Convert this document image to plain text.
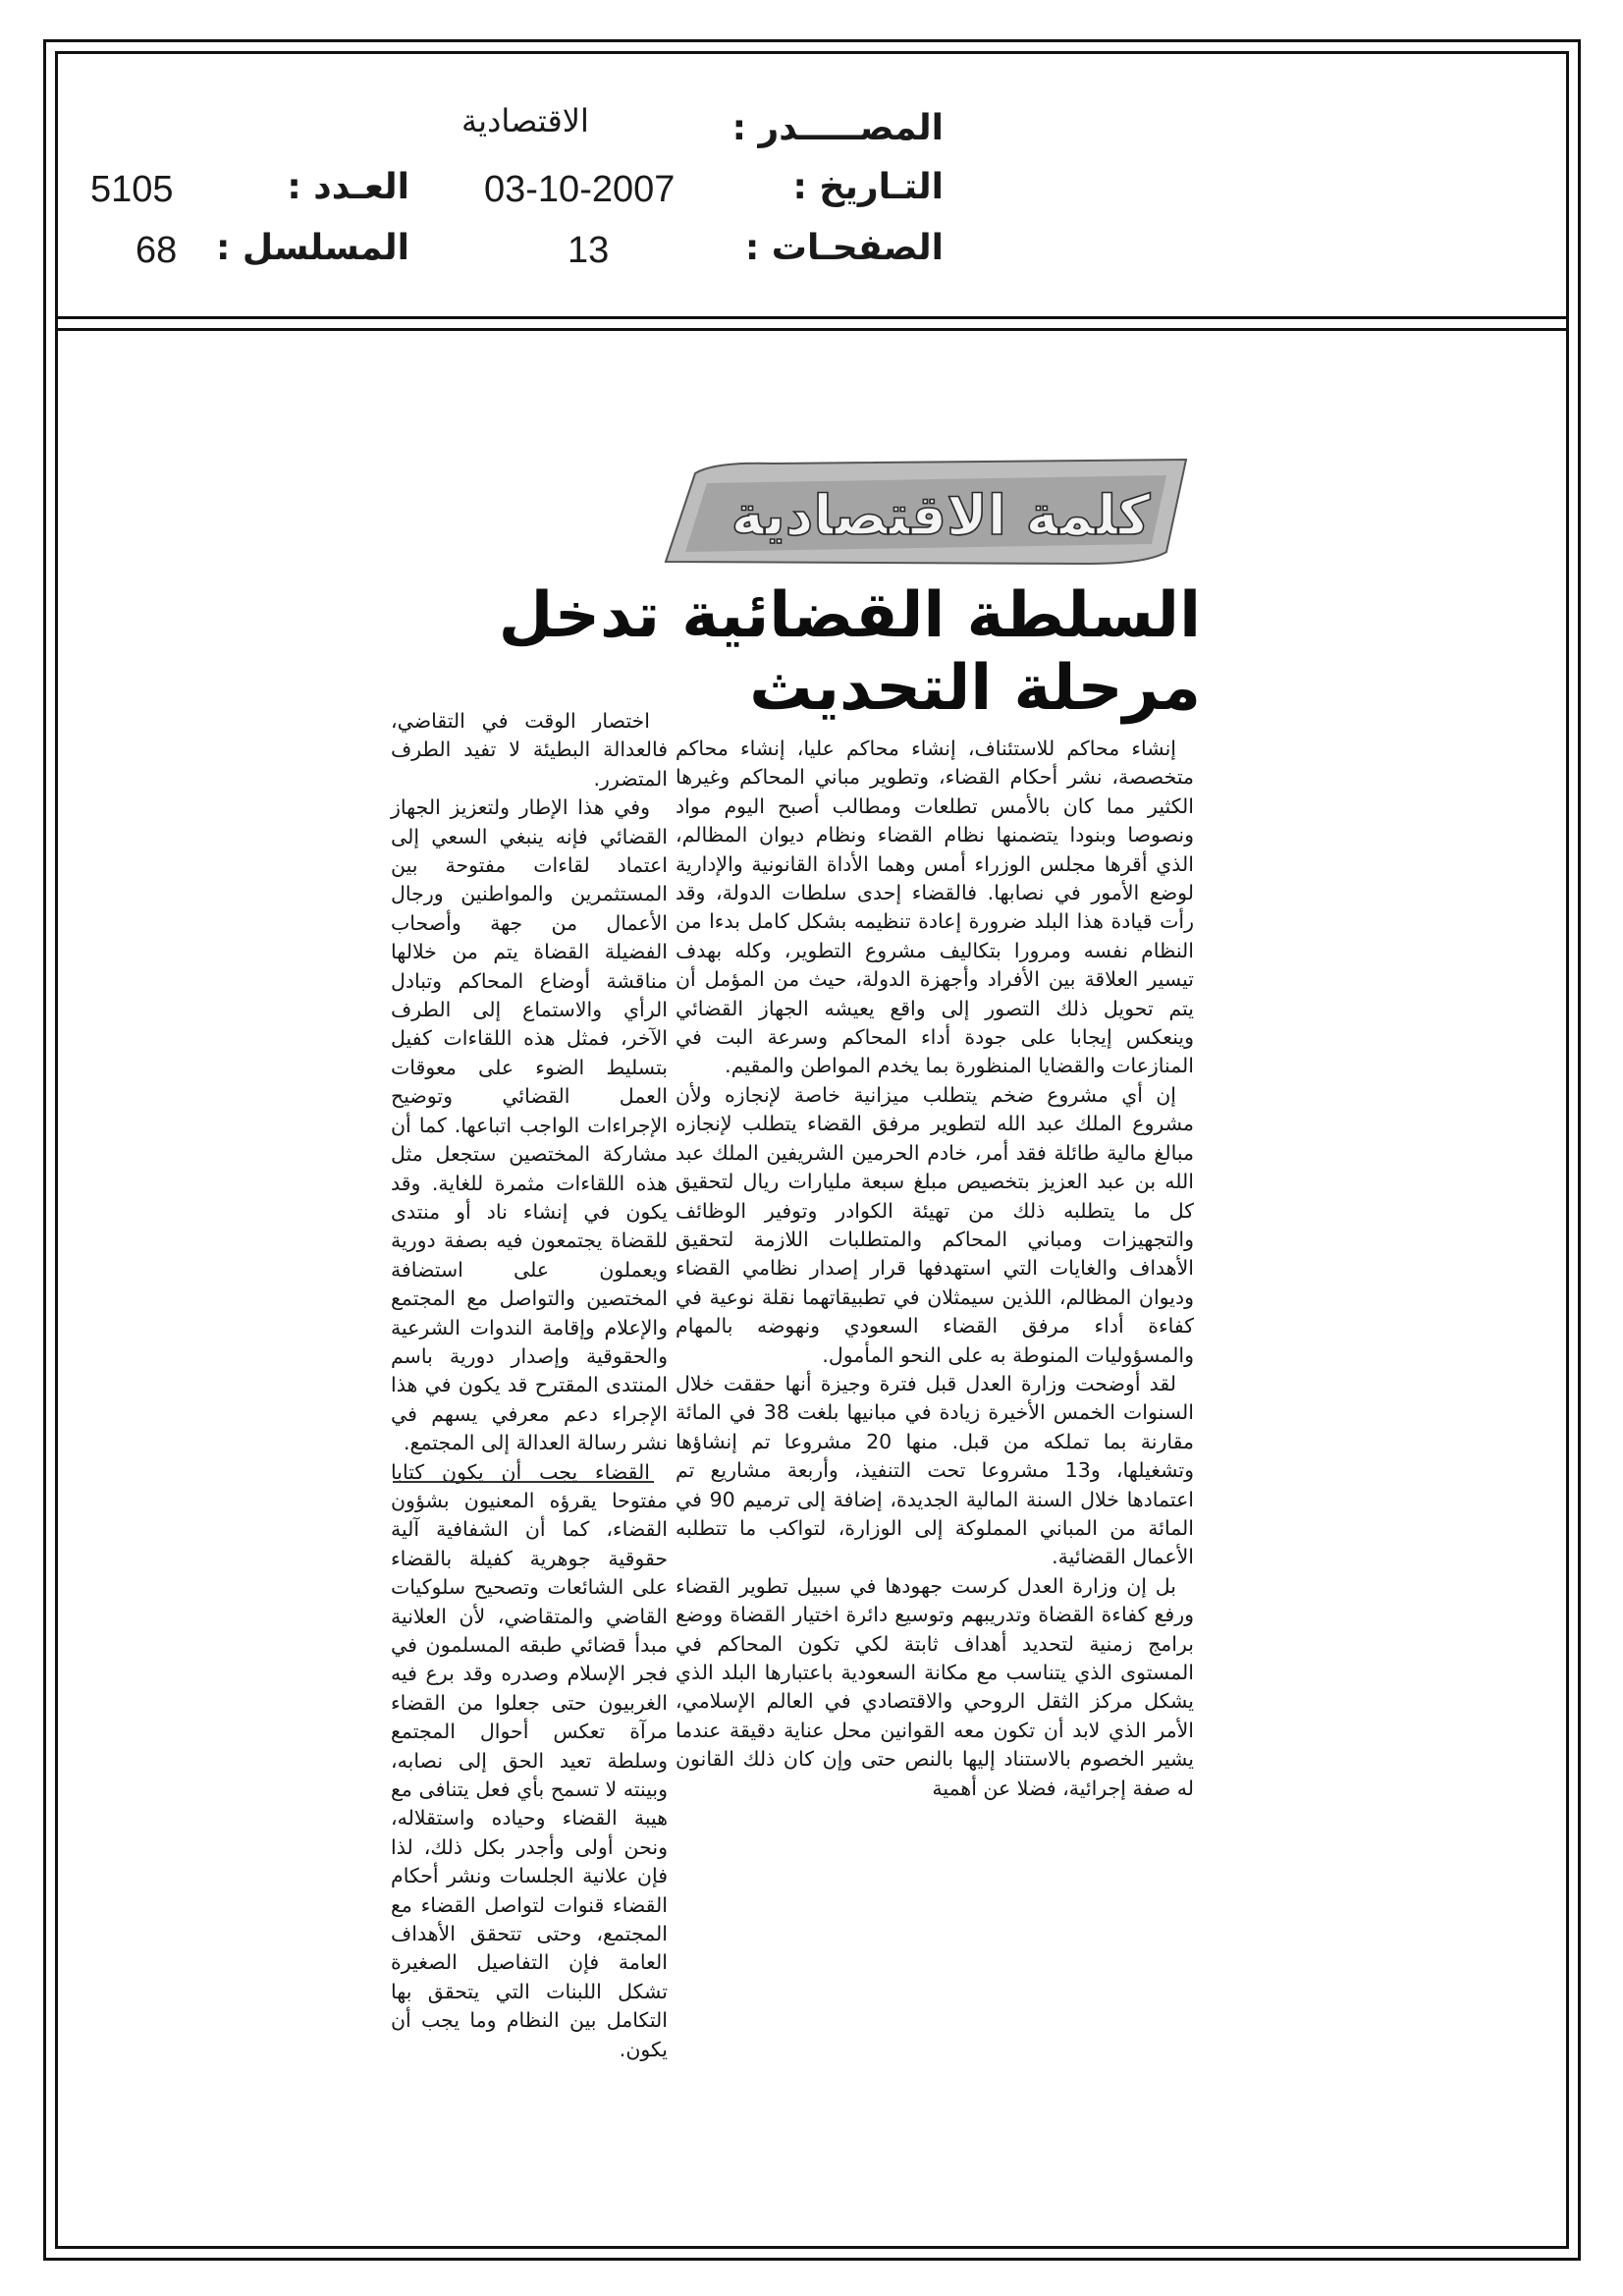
المصـــــدر :
الاقتصادية
التـاريخ :
03-10-2007
العـدد :
5105
الصفحـات :
13
المسلسل :
68
كلمة الاقتصادية
السلطة القضائية تدخل
مرحلة التحديث

إنشاء محاكم للاستئناف، إنشاء محاكم عليا، إنشاء محاكم متخصصة، نشر أحكام القضاء، وتطوير مباني المحاكم وغيرها الكثير مما كان بالأمس تطلعات ومطالب أصبح اليوم مواد ونصوصا وبنودا يتضمنها نظام القضاء ونظام ديوان المظالم، الذي أقرها مجلس الوزراء أمس وهما الأداة القانونية والإدارية لوضع الأمور في نصابها. فالقضاء إحدى سلطات الدولة، وقد رأت قيادة هذا البلد ضرورة إعادة تنظيمه بشكل كامل بدءا من النظام نفسه ومرورا بتكاليف مشروع التطوير، وكله بهدف تيسير العلاقة بين الأفراد وأجهزة الدولة، حيث من المؤمل أن يتم تحويل ذلك التصور إلى واقع يعيشه الجهاز القضائي وينعكس إيجابا على جودة أداء المحاكم وسرعة البت في المنازعات والقضايا المنظورة بما يخدم المواطن والمقيم.

إن أي مشروع ضخم يتطلب ميزانية خاصة لإنجازه ولأن مشروع الملك عبد الله لتطوير مرفق القضاء يتطلب لإنجازه مبالغ مالية طائلة فقد أمر، خادم الحرمين الشريفين الملك عبد الله بن عبد العزيز بتخصيص مبلغ سبعة مليارات ريال لتحقيق كل ما يتطلبه ذلك من تهيئة الكوادر وتوفير الوظائف والتجهيزات ومباني المحاكم والمتطلبات اللازمة لتحقيق الأهداف والغايات التي استهدفها قرار إصدار نظامي القضاء وديوان المظالم، اللذين سيمثلان في تطبيقاتهما نقلة نوعية في كفاءة أداء مرفق القضاء السعودي ونهوضه بالمهام والمسؤوليات المنوطة به على النحو المأمول.

لقد أوضحت وزارة العدل قبل فترة وجيزة أنها حققت خلال السنوات الخمس الأخيرة زيادة في مبانيها بلغت 38 في المائة مقارنة بما تملكه من قبل. منها 20 مشروعا تم إنشاؤها وتشغيلها، و13 مشروعا تحت التنفيذ، وأربعة مشاريع تم اعتمادها خلال السنة المالية الجديدة، إضافة إلى ترميم 90 في المائة من المباني المملوكة إلى الوزارة، لتواكب ما تتطلبه الأعمال القضائية.

بل إن وزارة العدل كرست جهودها في سبيل تطوير القضاء ورفع كفاءة القضاة وتدريبهم وتوسيع دائرة اختيار القضاة ووضع برامج زمنية لتحديد أهداف ثابتة لكي تكون المحاكم في المستوى الذي يتناسب مع مكانة السعودية باعتبارها البلد الذي يشكل مركز الثقل الروحي والاقتصادي في العالم الإسلامي، الأمر الذي لابد أن تكون معه القوانين محل عناية دقيقة عندما يشير الخصوم بالاستناد إليها بالنص حتى وإن كان ذلك القانون له صفة إجرائية، فضلا عن أهمية

اختصار الوقت في التقاضي، فالعدالة البطيئة لا تفيد الطرف المتضرر.

وفي هذا الإطار ولتعزيز الجهاز القضائي فإنه ينبغي السعي إلى اعتماد لقاءات مفتوحة بين المستثمرين والمواطنين ورجال الأعمال من جهة وأصحاب الفضيلة القضاة يتم من خلالها مناقشة أوضاع المحاكم وتبادل الرأي والاستماع إلى الطرف الآخر، فمثل هذه اللقاءات كفيل بتسليط الضوء على معوقات العمل القضائي وتوضيح الإجراءات الواجب اتباعها. كما أن مشاركة المختصين ستجعل مثل هذه اللقاءات مثمرة للغاية. وقد يكون في إنشاء ناد أو منتدى للقضاة يجتمعون فيه بصفة دورية ويعملون على استضافة المختصين والتواصل مع المجتمع والإعلام وإقامة الندوات الشرعية والحقوقية وإصدار دورية باسم المنتدى المقترح قد يكون في هذا الإجراء دعم معرفي يسهم في نشر رسالة العدالة إلى المجتمع.

القضاء يجب أن يكون كتابا مفتوحا يقرؤه المعنيون بشؤون القضاء، كما أن الشفافية آلية حقوقية جوهرية كفيلة بالقضاء على الشائعات وتصحيح سلوكيات القاضي والمتقاضي، لأن العلانية مبدأ قضائي طبقه المسلمون في فجر الإسلام وصدره وقد برع فيه الغربيون حتى جعلوا من القضاء مرآة تعكس أحوال المجتمع وسلطة تعيد الحق إلى نصابه، وبينته لا تسمح بأي فعل يتنافى مع هيبة القضاء وحياده واستقلاله، ونحن أولى وأجدر بكل ذلك، لذا فإن علانية الجلسات ونشر أحكام القضاء قنوات لتواصل القضاء مع المجتمع، وحتى تتحقق الأهداف العامة فإن التفاصيل الصغيرة تشكل اللبنات التي يتحقق بها التكامل بين النظام وما يجب أن يكون.
